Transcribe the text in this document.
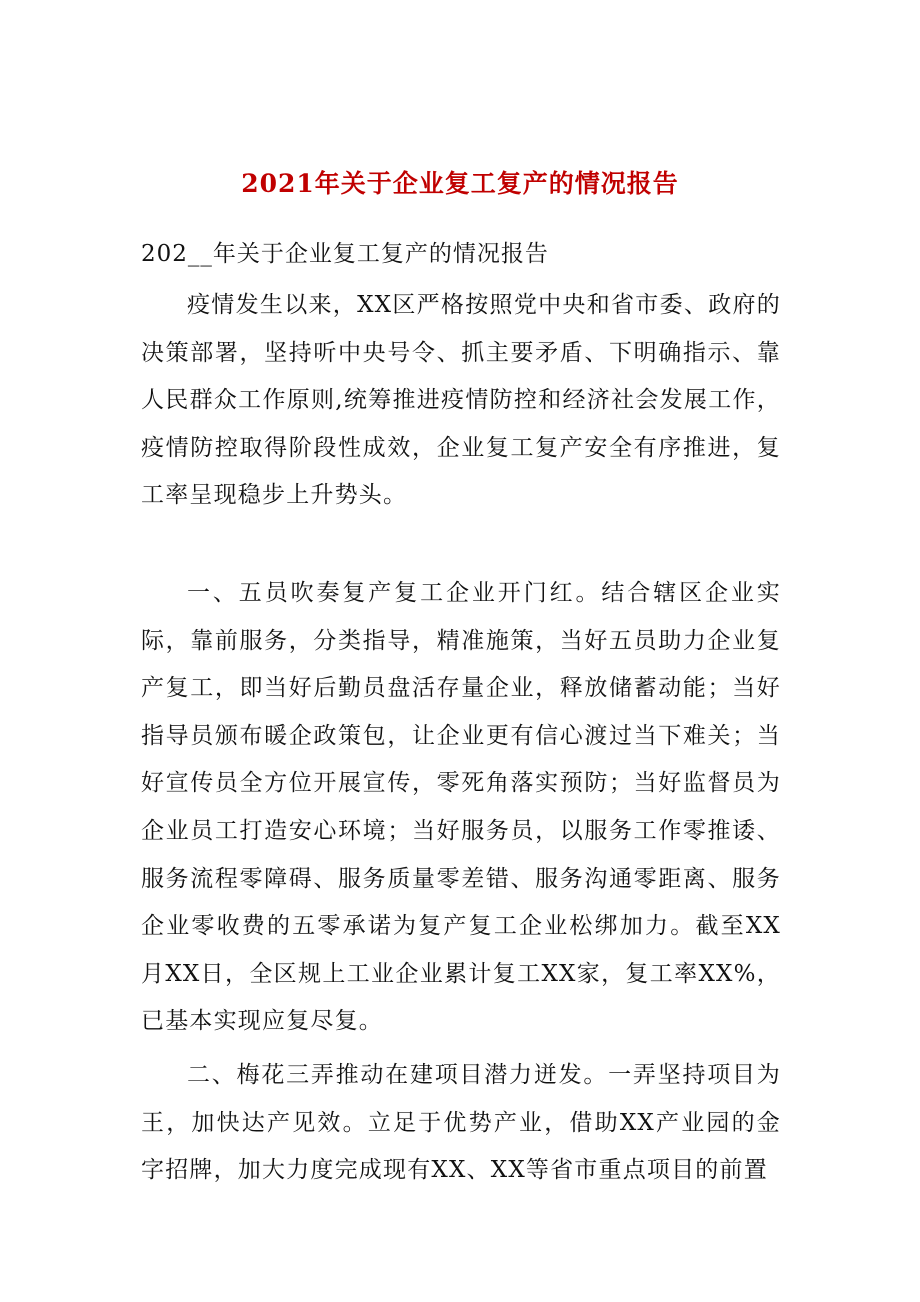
2021年关于企业复工复产的情况报告
202__年关于企业复工复产的情况报告

疫情发生以来，XX区严格按照党中央和省市委、政府的决策部署，坚持听中央号令、抓主要矛盾、下明确指示、靠人民群众工作原则,统筹推进疫情防控和经济社会发展工作，疫情防控取得阶段性成效，企业复工复产安全有序推进，复工率呈现稳步上升势头。

一、五员吹奏复产复工企业开门红。结合辖区企业实际，靠前服务，分类指导，精准施策，当好五员助力企业复产复工，即当好后勤员盘活存量企业，释放储蓄动能；当好指导员颁布暖企政策包，让企业更有信心渡过当下难关；当好宣传员全方位开展宣传，零死角落实预防；当好监督员为企业员工打造安心环境；当好服务员，以服务工作零推诿、服务流程零障碍、服务质量零差错、服务沟通零距离、服务企业零收费的五零承诺为复产复工企业松绑加力。截至XX月XX日，全区规上工业企业累计复工XX家，复工率XX%，已基本实现应复尽复。

二、梅花三弄推动在建项目潜力迸发。一弄坚持项目为王，加快达产见效。立足于优势产业，借助XX产业园的金字招牌，加大力度完成现有XX、XX等省市重点项目的前置
